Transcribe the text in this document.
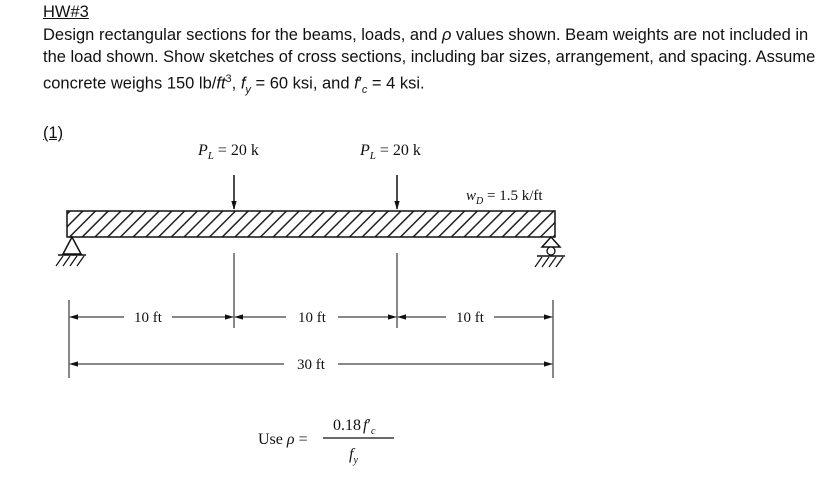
HW#3
Design rectangular sections for the beams, loads, and ρ values shown. Beam weights are not included in the load shown. Show sketches of cross sections, including bar sizes, arrangement, and spacing. Assume concrete weighs 150 $lb/ft^3$, $f_y = 60$ ksi, and $f'_c = 4$ ksi.
(1)
$P_L = 20$ k	$P_L = 20$ k
$w_D = 1.5$ k/ft
10 ft	10 ft	10 ft
30 ft
Use ρ =
0.18 $f'_c$
$f_y$
